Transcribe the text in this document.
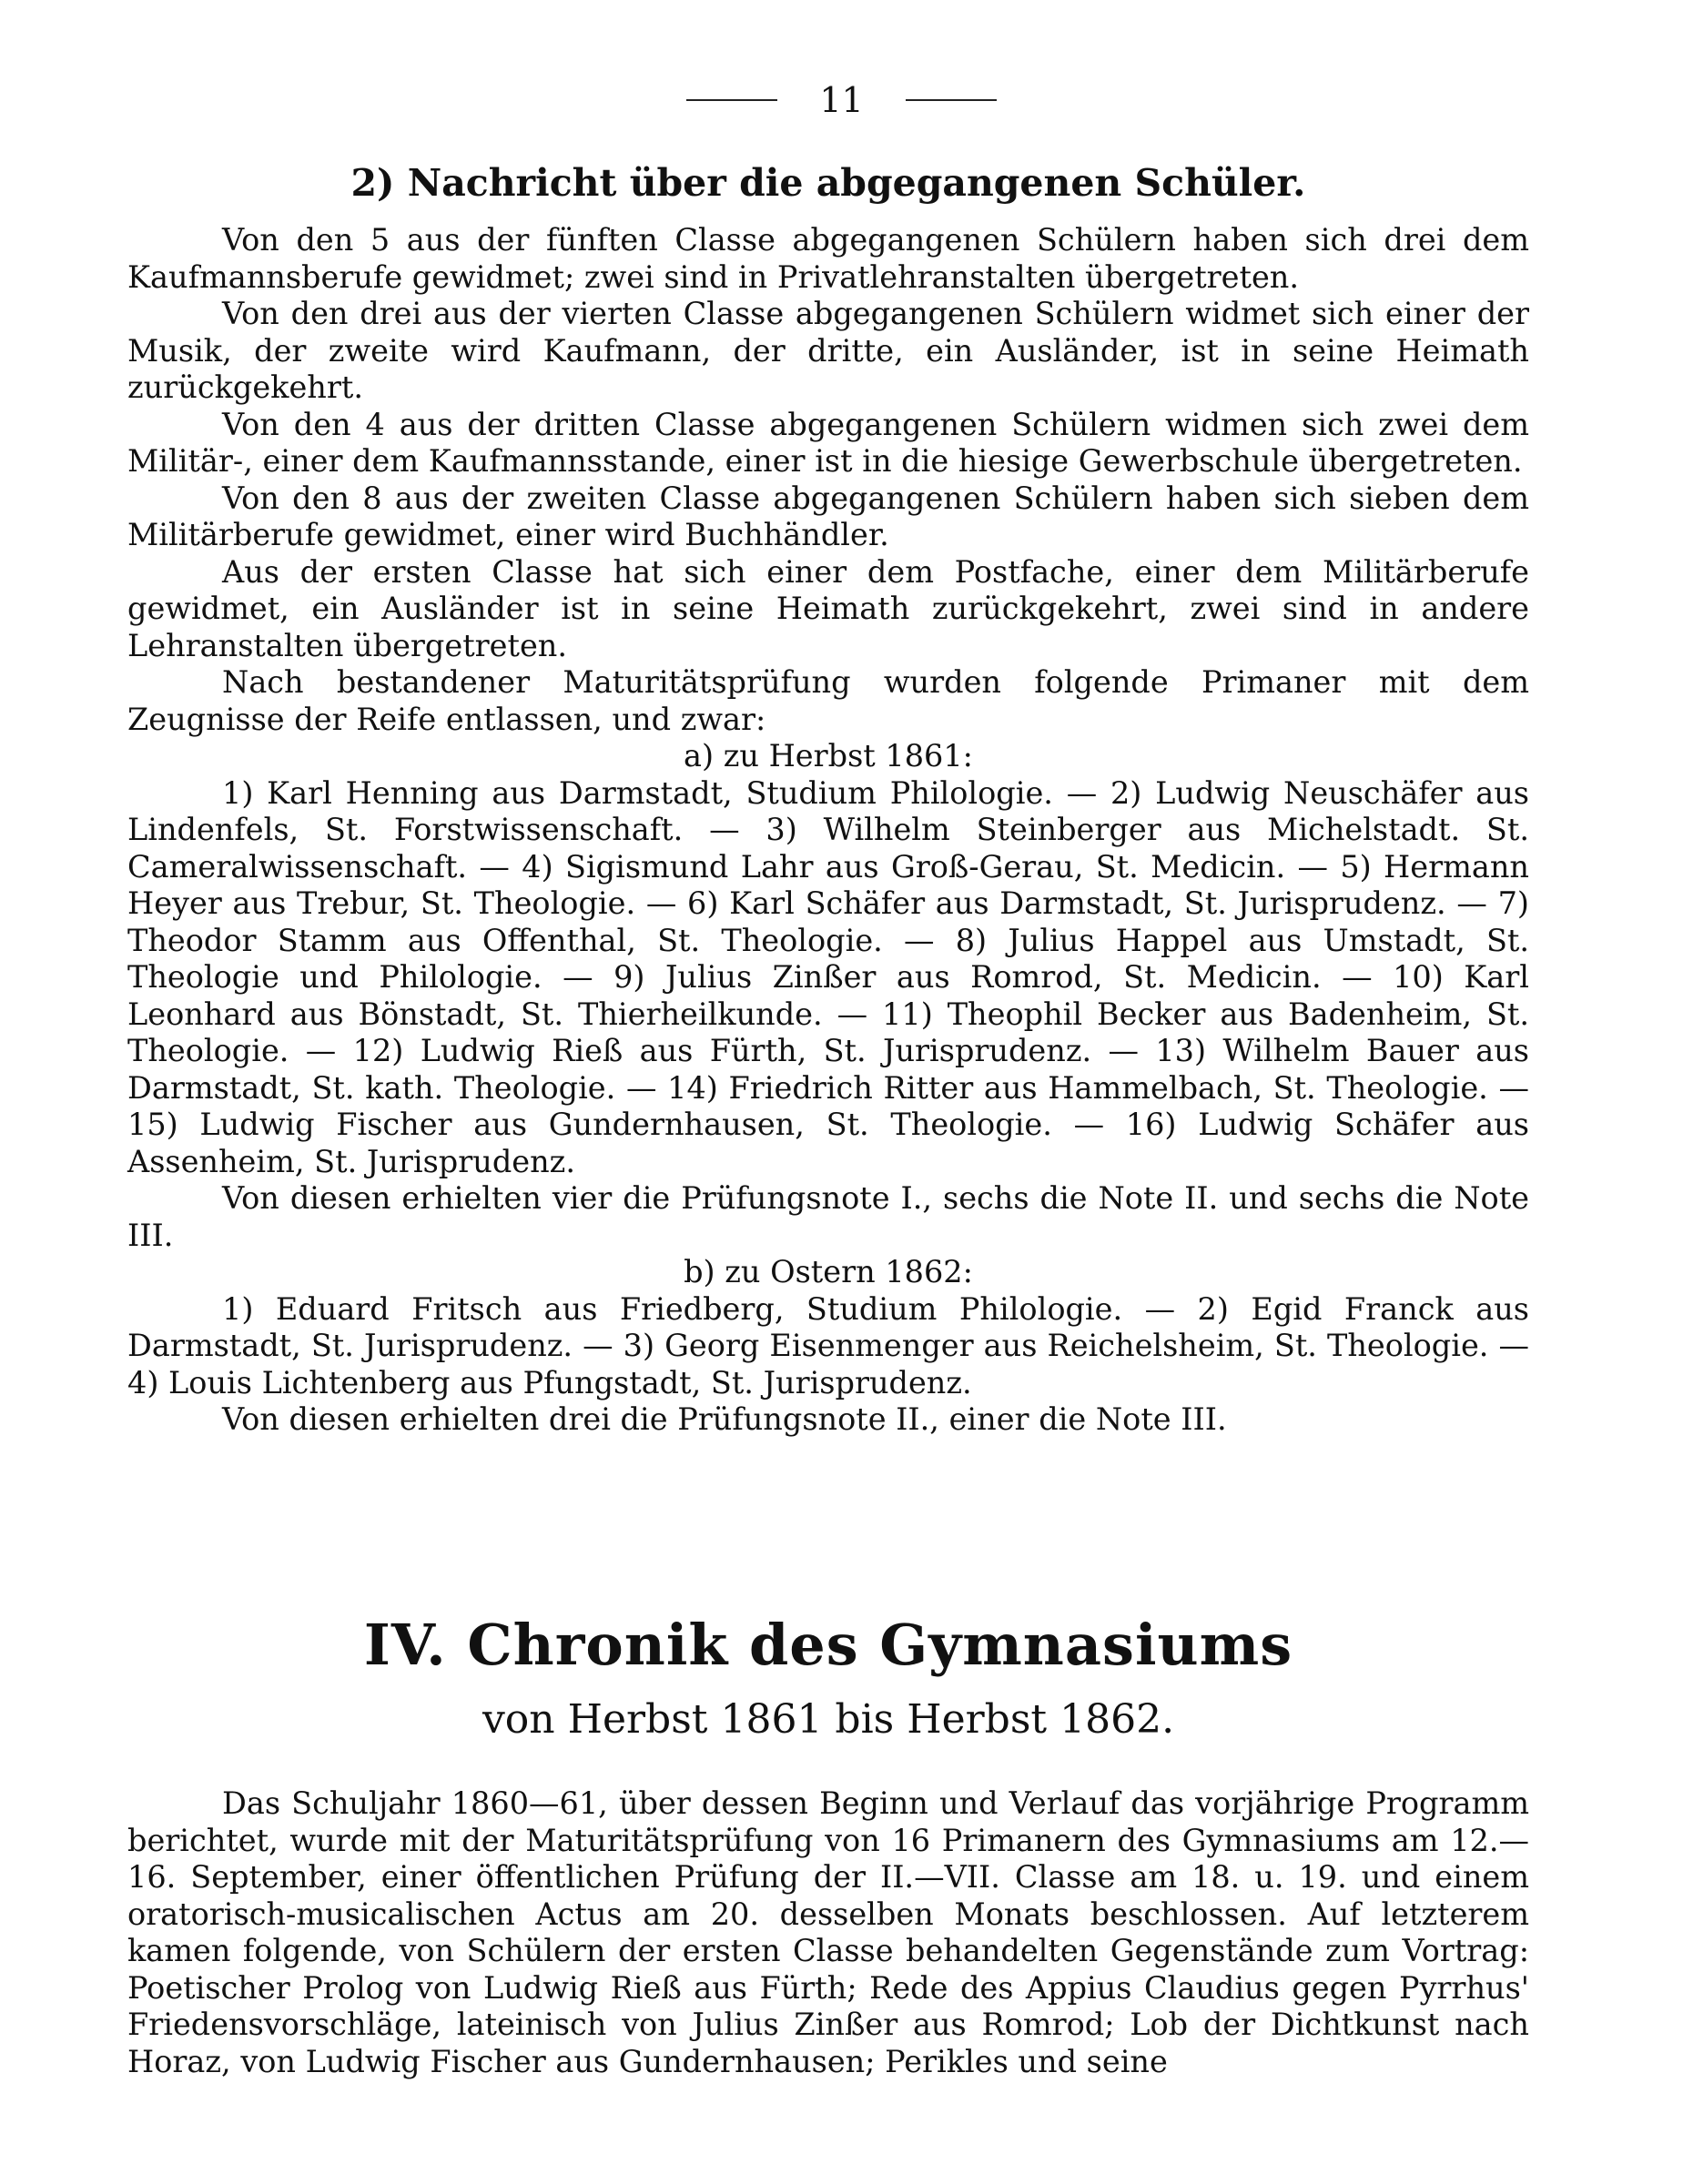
11
2) Nachricht über die abgegangenen Schüler.

Von den 5 aus der fünften Classe abgegangenen Schülern haben sich drei dem Kaufmannsberufe gewidmet; zwei sind in Privatlehranstalten übergetreten.

Von den drei aus der vierten Classe abgegangenen Schülern widmet sich einer der Musik, der zweite wird Kaufmann, der dritte, ein Ausländer, ist in seine Heimath zurückgekehrt.

Von den 4 aus der dritten Classe abgegangenen Schülern widmen sich zwei dem Militär-, einer dem Kaufmannsstande, einer ist in die hiesige Gewerbschule übergetreten.

Von den 8 aus der zweiten Classe abgegangenen Schülern haben sich sieben dem Militärberufe gewidmet, einer wird Buchhändler.

Aus der ersten Classe hat sich einer dem Postfache, einer dem Militärberufe gewidmet, ein Ausländer ist in seine Heimath zurückgekehrt, zwei sind in andere Lehranstalten übergetreten.

Nach bestandener Maturitätsprüfung wurden folgende Primaner mit dem Zeugnisse der Reife entlassen, und zwar:

a) zu Herbst 1861:

1) Karl Henning aus Darmstadt, Studium Philologie. — 2) Ludwig Neuschäfer aus Lindenfels, St. Forstwissenschaft. — 3) Wilhelm Steinberger aus Michelstadt. St. Cameralwissenschaft. — 4) Sigismund Lahr aus Groß-Gerau, St. Medicin. — 5) Hermann Heyer aus Trebur, St. Theologie. — 6) Karl Schäfer aus Darmstadt, St. Jurisprudenz. — 7) Theodor Stamm aus Offenthal, St. Theologie. — 8) Julius Happel aus Umstadt, St. Theologie und Philologie. — 9) Julius Zinßer aus Romrod, St. Medicin. — 10) Karl Leonhard aus Bönstadt, St. Thierheilkunde. — 11) Theophil Becker aus Badenheim, St. Theologie. — 12) Ludwig Rieß aus Fürth, St. Jurisprudenz. — 13) Wilhelm Bauer aus Darmstadt, St. kath. Theologie. — 14) Friedrich Ritter aus Hammelbach, St. Theologie. — 15) Ludwig Fischer aus Gundernhausen, St. Theologie. — 16) Ludwig Schäfer aus Assenheim, St. Jurisprudenz.

Von diesen erhielten vier die Prüfungsnote I., sechs die Note II. und sechs die Note III.

b) zu Ostern 1862:

1) Eduard Fritsch aus Friedberg, Studium Philologie. — 2) Egid Franck aus Darmstadt, St. Jurisprudenz. — 3) Georg Eisenmenger aus Reichelsheim, St. Theologie. — 4) Louis Lichtenberg aus Pfungstadt, St. Jurisprudenz.

Von diesen erhielten drei die Prüfungsnote II., einer die Note III.

IV. Chronik des Gymnasiums

von Herbst 1861 bis Herbst 1862.

Das Schuljahr 1860—61, über dessen Beginn und Verlauf das vorjährige Programm berichtet, wurde mit der Maturitätsprüfung von 16 Primanern des Gymnasiums am 12.—16. September, einer öffentlichen Prüfung der II.—VII. Classe am 18. u. 19. und einem oratorisch-musicalischen Actus am 20. desselben Monats beschlossen. Auf letzterem kamen folgende, von Schülern der ersten Classe behandelten Gegenstände zum Vortrag: Poetischer Prolog von Ludwig Rieß aus Fürth; Rede des Appius Claudius gegen Pyrrhus' Friedensvorschläge, lateinisch von Julius Zinßer aus Romrod; Lob der Dichtkunst nach Horaz, von Ludwig Fischer aus Gundernhausen; Perikles und seine
